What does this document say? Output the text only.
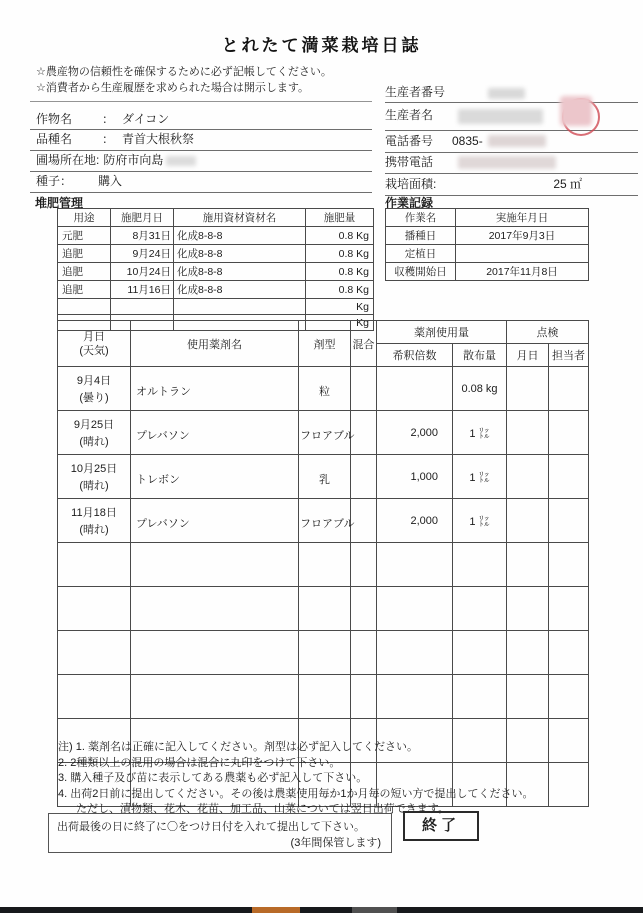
とれたて満菜栽培日誌
☆農産物の信頼性を確保するために必ず記帳してください。
☆消費者から生産履歴を求められた場合は開示します。
作物名 ： ダイコン
品種名 ： 青首大根秋祭
圃場所在地: 防府市向島
種子： 購入
生産者番号
生産者名
電話番号 0835-
携帯電話
栽培面積:	25 ㎡
堆肥管理
用途	施肥月日	施用資材資材名	施肥量
元肥	8月31日	化成8-8-8	0.8 Kg
追肥	9月24日	化成8-8-8	0.8 Kg
追肥	10月24日	化成8-8-8	0.8 Kg
追肥	11月16日	化成8-8-8	0.8 Kg
			Kg
			Kg
作業記録
作業名	実施年月日
播種日	2017年9月3日
定植日	
収穫開始日	2017年11月8日
月日
(天気)	使用薬剤名	剤型	混合	薬剤使用量		点検	
				希釈倍数	散布量	月日	担当者

9月4日
(曇り)	オルトラン	粒			0.08 kg		

9月25日
(晴れ)	プレバソン	フロアブル		2,000	1 ㍑		

10月25日
(晴れ)	トレボン	乳		1,000	1 ㍑		

11月18日
(晴れ)	プレバソン	フロアブル		2,000	1 ㍑		

注) 1. 薬剤名は正確に記入してください。剤型は必ず記入してください。

2. 2種類以上の混用の場合は混合に丸印をつけて下さい。

3. 購入種子及び苗に表示してある農薬も必ず記入して下さい。

4. 出荷2日前に提出してください。その後は農薬使用毎か1か月毎の短い方で提出してください。

ただし、漬物類、花木、花苗、加工品、山菜については翌日出荷できます。

出荷最後の日に終了に〇をつけ日付を入れて提出して下さい。
(3年間保管します)
終了
